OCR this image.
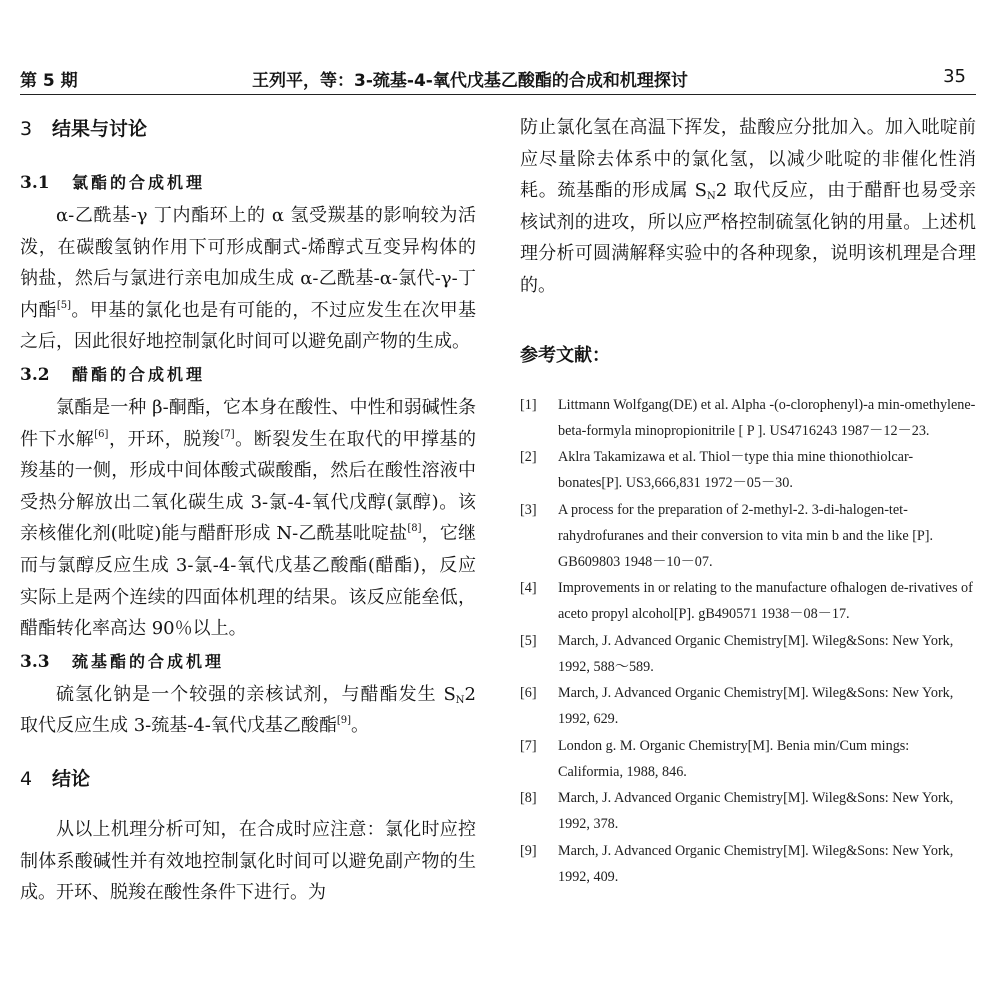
第 5 期	王列平，等：3-巯基-4-氧代戊基乙酸酯的合成和机理探讨	35
3 结果与讨论
3.1 氯酯的合成机理

α-乙酰基-γ 丁内酯环上的 α 氢受羰基的影响较为活泼，在碳酸氢钠作用下可形成酮式-烯醇式互变异构体的钠盐，然后与氯进行亲电加成生成 α-乙酰基-α-氯代-γ-丁内酯[5]。甲基的氯化也是有可能的，不过应发生在次甲基之后，因此很好地控制氯化时间可以避免副产物的生成。

3.2 醋酯的合成机理

氯酯是一种 β-酮酯，它本身在酸性、中性和弱碱性条件下水解[6]，开环，脱羧[7]。断裂发生在取代的甲撑基的羧基的一侧，形成中间体酸式碳酸酯，然后在酸性溶液中受热分解放出二氧化碳生成 3-氯-4-氧代戊醇(氯醇)。该亲核催化剂(吡啶)能与醋酐形成 N-乙酰基吡啶盐[8]，它继而与氯醇反应生成 3-氯-4-氧代戊基乙酸酯(醋酯)，反应实际上是两个连续的四面体机理的结果。该反应能垒低，醋酯转化率高达 90％以上。

3.3 巯基酯的合成机理

硫氢化钠是一个较强的亲核试剂，与醋酯发生 $S_N2$ 取代反应生成 3-巯基-4-氧代戊基乙酸酯[9]。

4 结论

从以上机理分析可知，在合成时应注意：氯化时应控制体系酸碱性并有效地控制氯化时间可以避免副产物的生成。开环、脱羧在酸性条件下进行。为

防止氯化氢在高温下挥发，盐酸应分批加入。加入吡啶前应尽量除去体系中的氯化氢，以减少吡啶的非催化性消耗。巯基酯的形成属 $S_N2$ 取代反应，由于醋酐也易受亲核试剂的进攻，所以应严格控制硫氢化钠的用量。上述机理分析可圆满解释实验中的各种现象，说明该机理是合理的。

参考文献：
[1] Littmann Wolfgang(DE) et al. Alpha -(o-clorophenyl)-a min-omethylene-beta-formyla minopropionitrile [ P ]. US4716243 1987－12－23.
[2] Aklra Takamizawa et al. Thiol－type thia mine thionothiolcar-bonates[P]. US3,666,831 1972－05－30.
[3] A process for the preparation of 2-methyl-2. 3-di-halogen-tet-rahydrofuranes and their conversion to vita min b and the like [P]. GB609803 1948－10－07.
[4] Improvements in or relating to the manufacture ofhalogen de-rivatives of aceto propyl alcohol[P]. gB490571 1938－08－17.
[5] March, J. Advanced Organic Chemistry[M]. Wileg&Sons: New York, 1992, 588～589.
[6] March, J. Advanced Organic Chemistry[M]. Wileg&Sons: New York, 1992, 629.
[7] London g. M. Organic Chemistry[M]. Benia min/Cum mings: Califormia, 1988, 846.
[8] March, J. Advanced Organic Chemistry[M]. Wileg&Sons: New York, 1992, 378.
[9] March, J. Advanced Organic Chemistry[M]. Wileg&Sons: New York, 1992, 409.
